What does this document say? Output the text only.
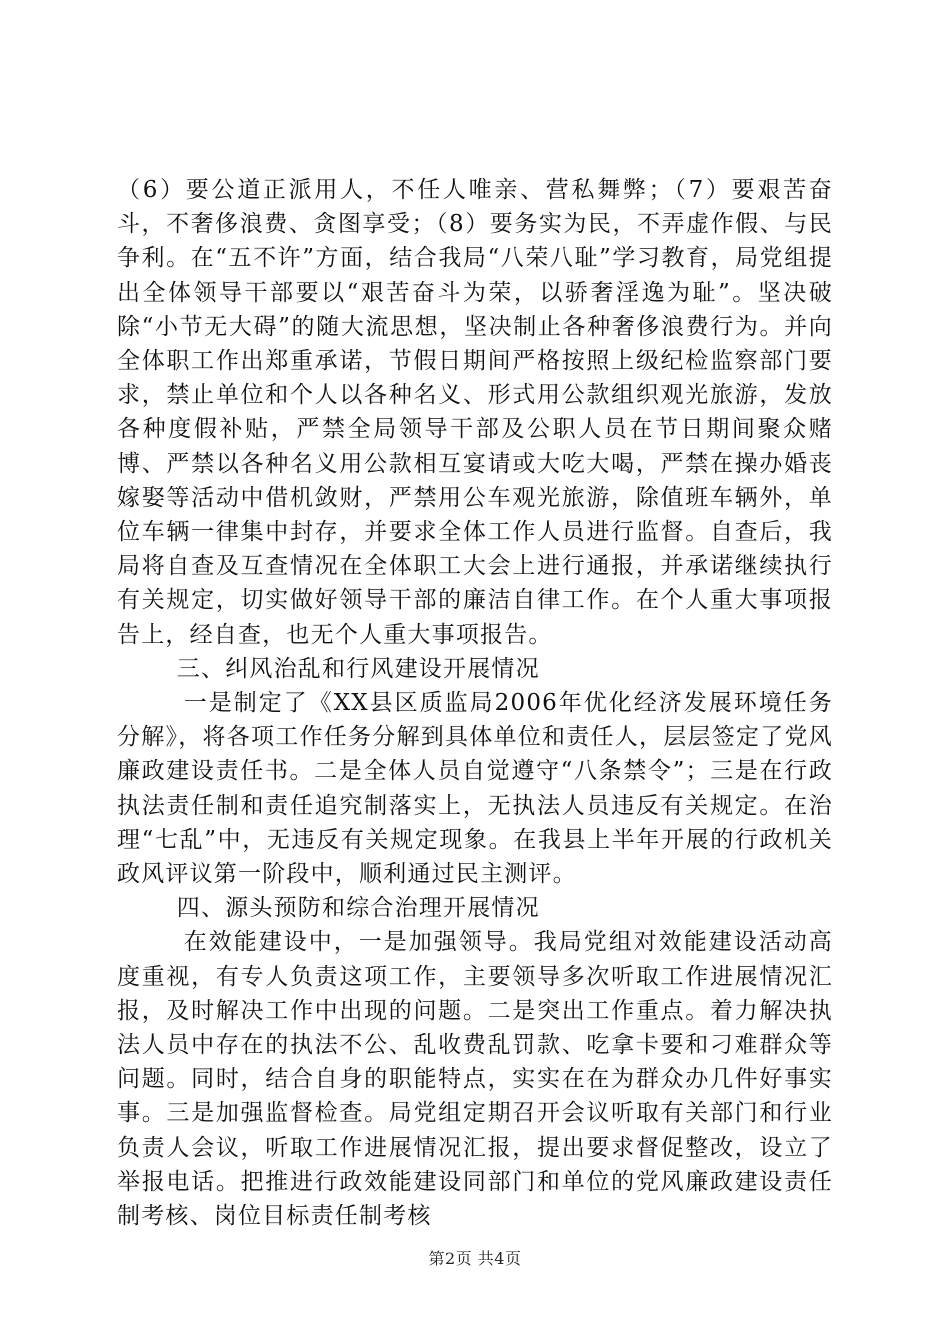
（6）要公道正派用人，不任人唯亲、营私舞弊；（7）要艰苦奋斗，不奢侈浪费、贪图享受；（8）要务实为民，不弄虚作假、与民争利。在“五不许”方面，结合我局“八荣八耻”学习教育，局党组提出全体领导干部要以“艰苦奋斗为荣，以骄奢淫逸为耻”。坚决破除“小节无大碍”的随大流思想，坚决制止各种奢侈浪费行为。并向全体职工作出郑重承诺，节假日期间严格按照上级纪检监察部门要求，禁止单位和个人以各种名义、形式用公款组织观光旅游，发放各种度假补贴，严禁全局领导干部及公职人员在节日期间聚众赌博、严禁以各种名义用公款相互宴请或大吃大喝，严禁在操办婚丧嫁娶等活动中借机敛财，严禁用公车观光旅游，除值班车辆外，单位车辆一律集中封存，并要求全体工作人员进行监督。自查后，我局将自查及互查情况在全体职工大会上进行通报，并承诺继续执行有关规定，切实做好领导干部的廉洁自律工作。在个人重大事项报告上，经自查，也无个人重大事项报告。

三、纠风治乱和行风建设开展情况

一是制定了《XX县区质监局2006年优化经济发展环境任务分解》，将各项工作任务分解到具体单位和责任人，层层签定了党风廉政建设责任书。二是全体人员自觉遵守“八条禁令”；三是在行政执法责任制和责任追究制落实上，无执法人员违反有关规定。在治理“七乱”中，无违反有关规定现象。在我县上半年开展的行政机关政风评议第一阶段中，顺利通过民主测评。

四、源头预防和综合治理开展情况

在效能建设中，一是加强领导。我局党组对效能建设活动高度重视，有专人负责这项工作，主要领导多次听取工作进展情况汇报，及时解决工作中出现的问题。二是突出工作重点。着力解决执法人员中存在的执法不公、乱收费乱罚款、吃拿卡要和刁难群众等问题。同时，结合自身的职能特点，实实在在为群众办几件好事实事。三是加强监督检查。局党组定期召开会议听取有关部门和行业负责人会议，听取工作进展情况汇报，提出要求督促整改，设立了举报电话。把推进行政效能建设同部门和单位的党风廉政建设责任制考核、岗位目标责任制考核

第2页 共4页
